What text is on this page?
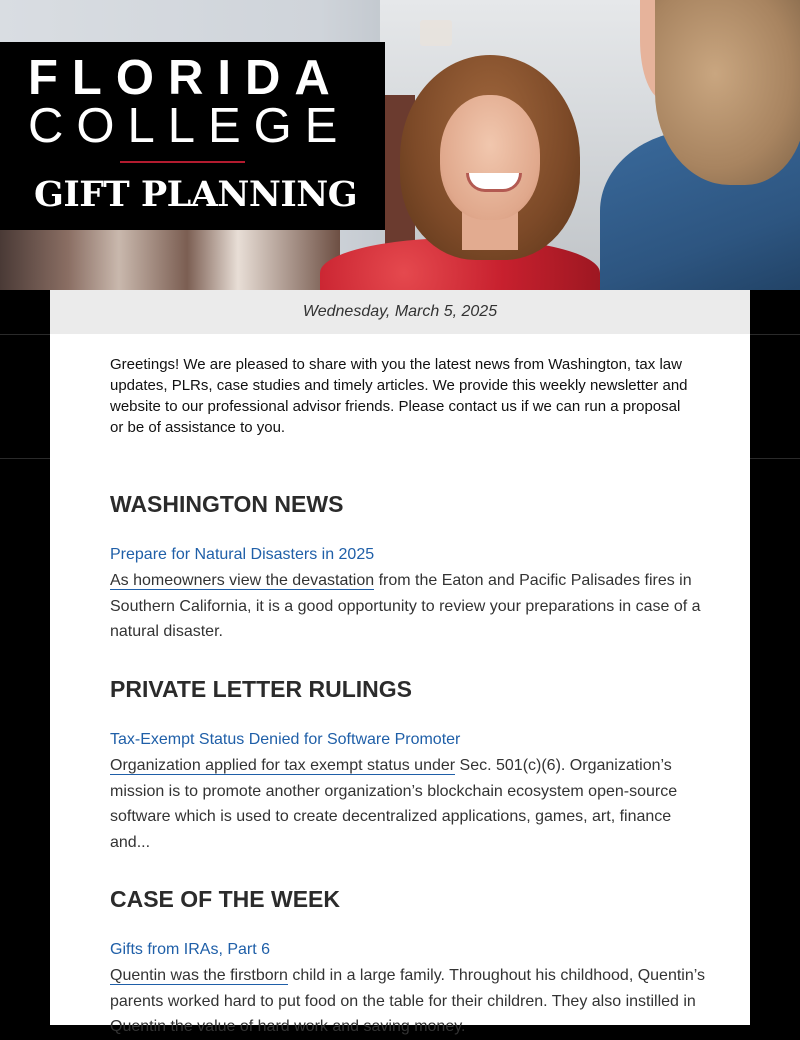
FLORIDA
COLLEGE
GIFT PLANNING
Wednesday, March 5, 2025
Greetings! We are pleased to share with you the latest news from Washington, tax law updates, PLRs, case studies and timely articles. We provide this weekly newsletter and website to our professional advisor friends. Please contact us if we can run a proposal or be of assistance to you.
WASHINGTON NEWS
Prepare for Natural Disasters in 2025
As homeowners view the devastation from the Eaton and Pacific Palisades fires in Southern California, it is a good opportunity to review your preparations in case of a natural disaster.
PRIVATE LETTER RULINGS
Tax-Exempt Status Denied for Software Promoter
Organization applied for tax exempt status under Sec. 501(c)(6). Organization’s mission is to promote another organization’s blockchain ecosystem open-source software which is used to create decentralized applications, games, art, finance and...
CASE OF THE WEEK
Gifts from IRAs, Part 6
Quentin was the firstborn child in a large family. Throughout his childhood, Quentin’s parents worked hard to put food on the table for their children. They also instilled in Quentin the value of hard work and saving money.
